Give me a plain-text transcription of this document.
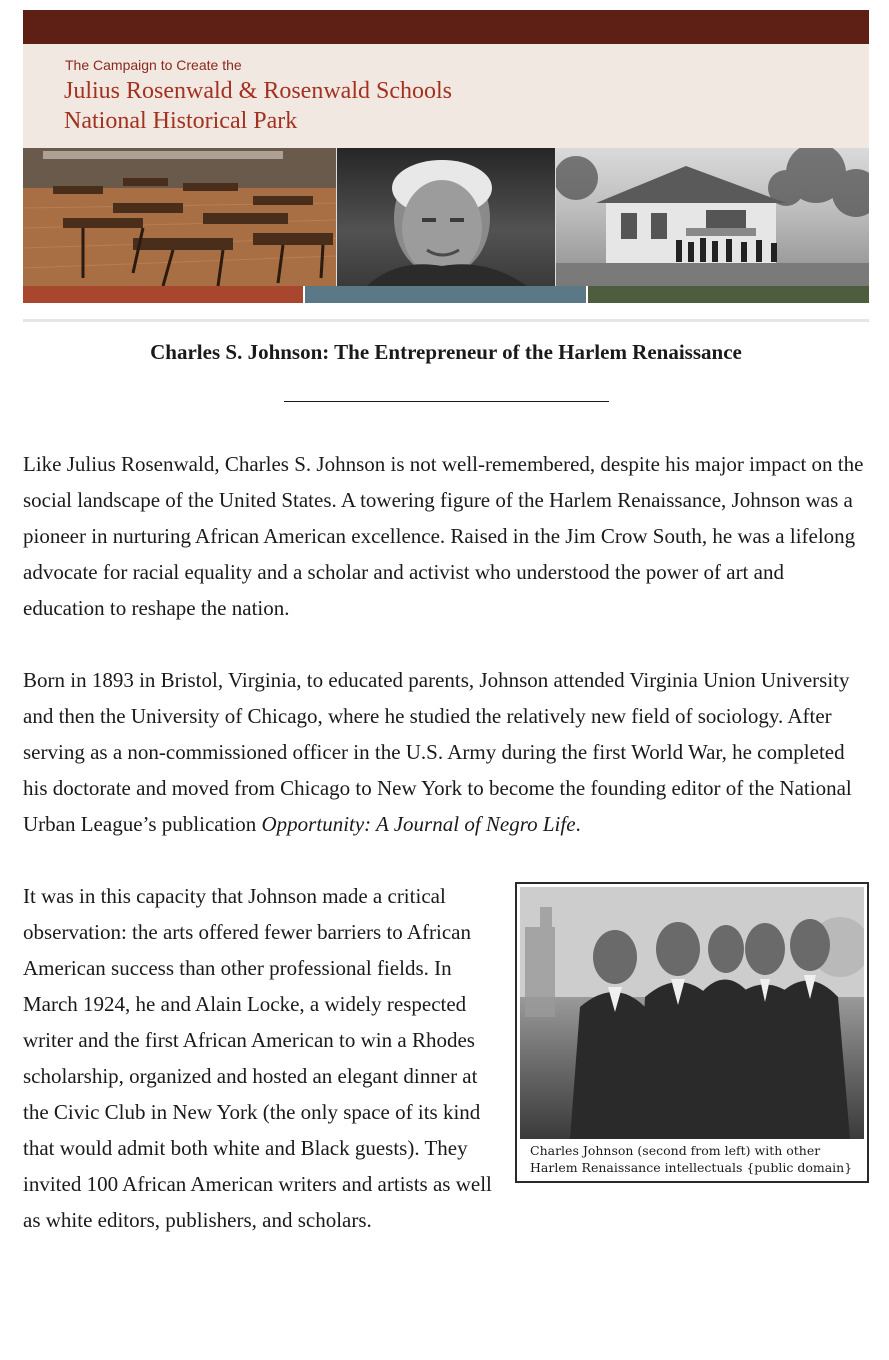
The Campaign to Create the
Julius Rosenwald & Rosenwald Schools
National Historical Park
Charles S. Johnson: The Entrepreneur of the Harlem Renaissance

Like Julius Rosenwald, Charles S. Johnson is not well-remembered, despite his major impact on the social landscape of the United States. A towering figure of the Harlem Renaissance, Johnson was a pioneer in nurturing African American excellence. Raised in the Jim Crow South, he was a lifelong advocate for racial equality and a scholar and activist who understood the power of art and education to reshape the nation.

Born in 1893 in Bristol, Virginia, to educated parents, Johnson attended Virginia Union University and then the University of Chicago, where he studied the relatively new field of sociology. After serving as a non-commissioned officer in the U.S. Army during the first World War, he completed his doctorate and moved from Chicago to New York to become the founding editor of the National Urban League’s publication Opportunity: A Journal of Negro Life.

Charles Johnson (second from left) with other Harlem Renaissance intellectuals {public domain}

It was in this capacity that Johnson made a critical observation: the arts offered fewer barriers to African American success than other professional fields. In March 1924, he and Alain Locke, a widely respected writer and the first African American to win a Rhodes scholarship, organized and hosted an elegant dinner at the Civic Club in New York (the only space of its kind that would admit both white and Black guests). They invited 100 African American writers and artists as well as white editors, publishers, and scholars.
